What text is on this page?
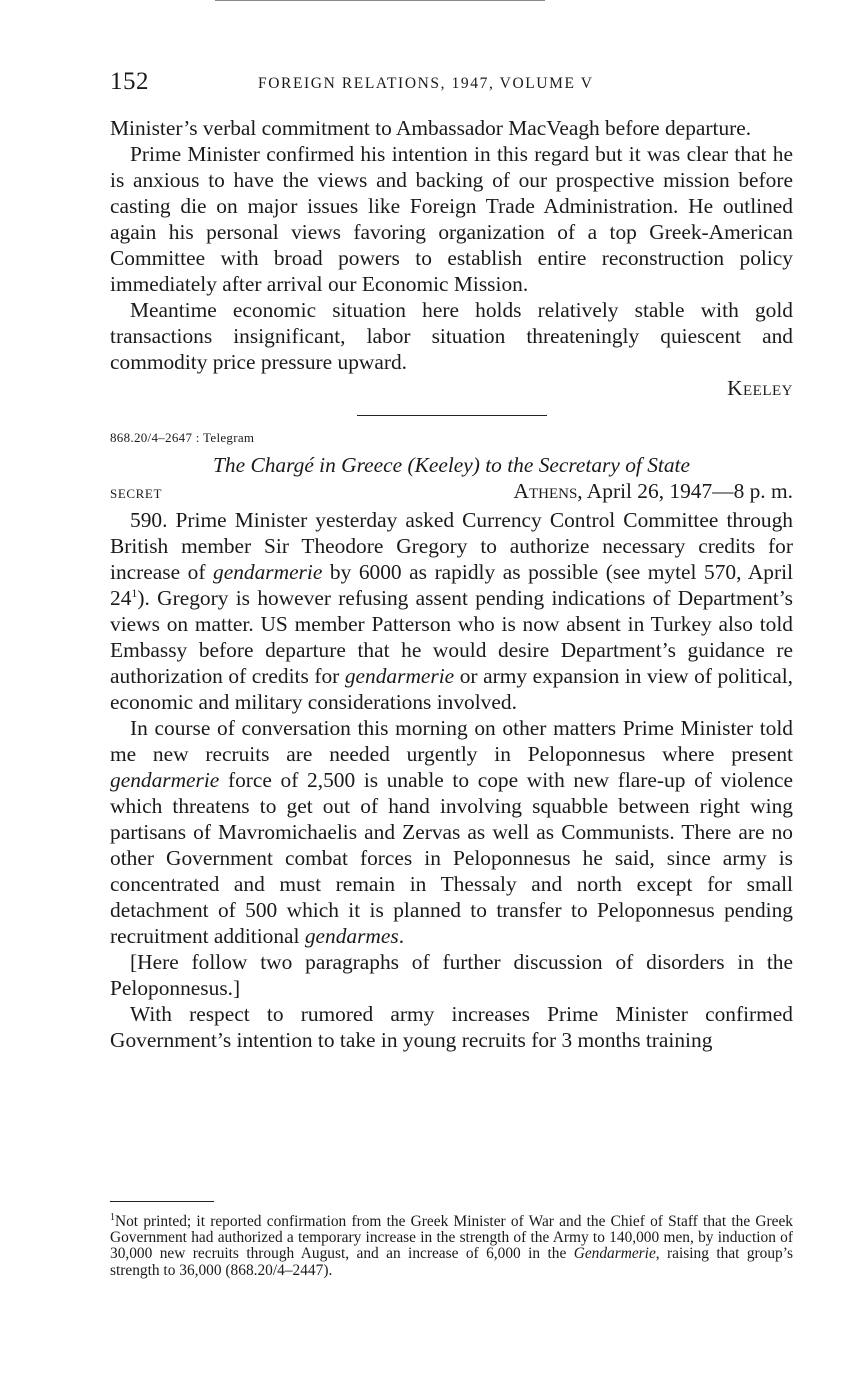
152	FOREIGN RELATIONS, 1947, VOLUME V

Minister’s verbal commitment to Ambassador MacVeagh before departure.

Prime Minister confirmed his intention in this regard but it was clear that he is anxious to have the views and backing of our prospective mission before casting die on major issues like Foreign Trade Administration. He outlined again his personal views favoring organization of a top Greek-American Committee with broad powers to establish entire reconstruction policy immediately after arrival our Economic Mission.

Meantime economic situation here holds relatively stable with gold transactions insignificant, labor situation threateningly quiescent and commodity price pressure upward.

Keeley

868.20/4–2647 : Telegram

The Chargé in Greece (Keeley) to the Secretary of State

SECRET	Athens, April 26, 1947—8 p. m.

590. Prime Minister yesterday asked Currency Control Committee through British member Sir Theodore Gregory to authorize necessary credits for increase of gendarmerie by 6000 as rapidly as possible (see mytel 570, April $24^1$). Gregory is however refusing assent pending indications of Department’s views on matter. US member Patterson who is now absent in Turkey also told Embassy before departure that he would desire Department’s guidance re authorization of credits for gendarmerie or army expansion in view of political, economic and military considerations involved.

In course of conversation this morning on other matters Prime Minister told me new recruits are needed urgently in Peloponnesus where present gendarmerie force of 2,500 is unable to cope with new flare-up of violence which threatens to get out of hand involving squabble between right wing partisans of Mavromichaelis and Zervas as well as Communists. There are no other Government combat forces in Peloponnesus he said, since army is concentrated and must remain in Thessaly and north except for small detachment of 500 which it is planned to transfer to Peloponnesus pending recruitment additional gendarmes.

[Here follow two paragraphs of further discussion of disorders in the Peloponnesus.]

With respect to rumored army increases Prime Minister confirmed Government’s intention to take in young recruits for 3 months training

$^1$Not printed; it reported confirmation from the Greek Minister of War and the Chief of Staff that the Greek Government had authorized a temporary increase in the strength of the Army to 140,000 men, by induction of 30,000 new recruits through August, and an increase of 6,000 in the Gendarmerie, raising that group’s strength to 36,000 (868.20/4–2447).
